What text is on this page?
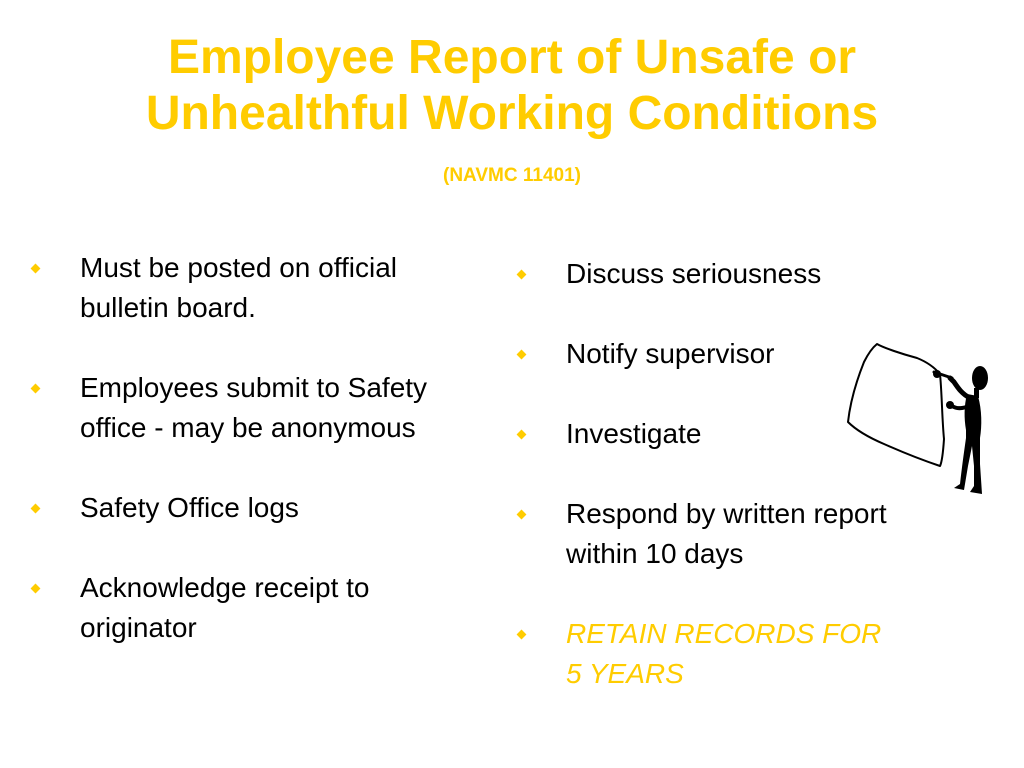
Employee Report of Unsafe or
Unhealthful Working Conditions
(NAVMC 11401)
Must be posted on official bulletin board.
Employees submit to Safety office - may be anonymous
Safety Office logs
Acknowledge receipt to originator
Discuss seriousness
Notify supervisor
Investigate
Respond by written report within 10 days
RETAIN RECORDS FOR 5 YEARS
